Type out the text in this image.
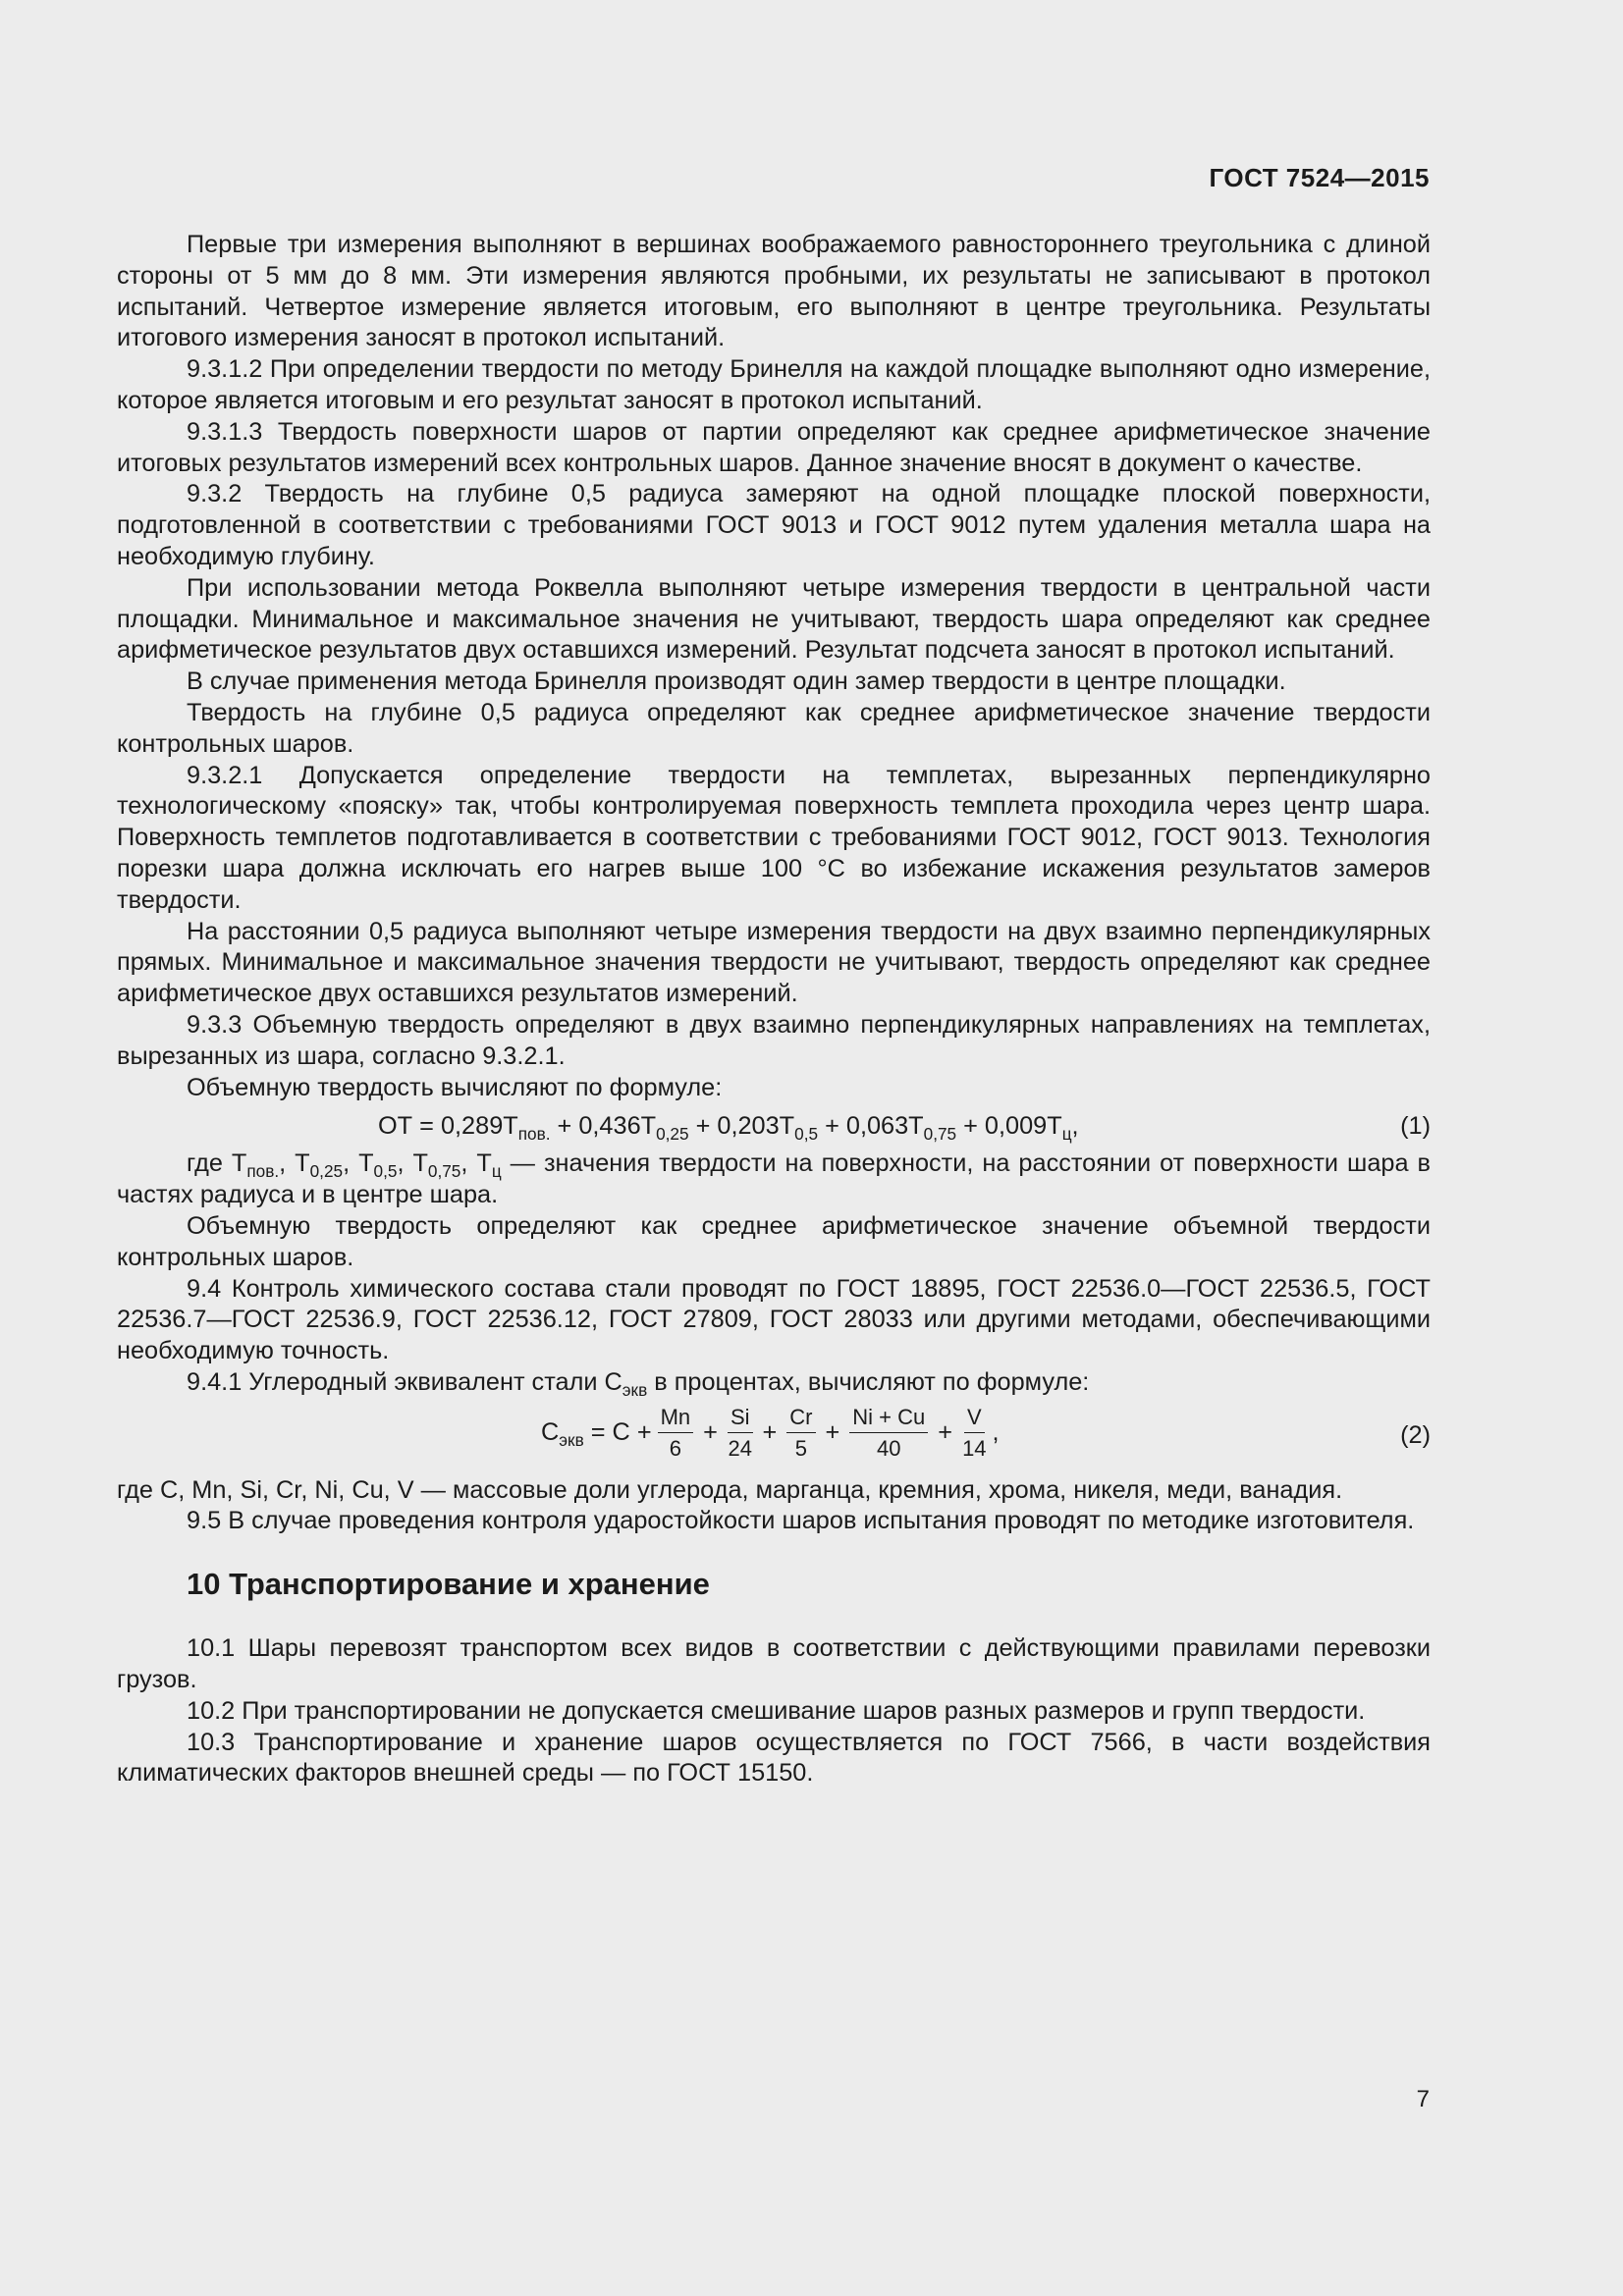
ГОСТ 7524—2015

Первые три измерения выполняют в вершинах воображаемого равностороннего треугольника с длиной стороны от 5 мм до 8 мм. Эти измерения являются пробными, их результаты не записывают в протокол испытаний. Четвертое измерение является итоговым, его выполняют в центре треугольника. Результаты итогового измерения заносят в протокол испытаний.

9.3.1.2 При определении твердости по методу Бринелля на каждой площадке выполняют одно измерение, которое является итоговым и его результат заносят в протокол испытаний.

9.3.1.3 Твердость поверхности шаров от партии определяют как среднее арифметическое значение итоговых результатов измерений всех контрольных шаров. Данное значение вносят в документ о качестве.

9.3.2 Твердость на глубине 0,5 радиуса замеряют на одной площадке плоской поверхности, подготовленной в соответствии с требованиями ГОСТ 9013 и ГОСТ 9012 путем удаления металла шара на необходимую глубину.

При использовании метода Роквелла выполняют четыре измерения твердости в центральной части площадки. Минимальное и максимальное значения не учитывают, твердость шара определяют как среднее арифметическое результатов двух оставшихся измерений. Результат подсчета заносят в протокол испытаний.

В случае применения метода Бринелля производят один замер твердости в центре площадки.

Твердость на глубине 0,5 радиуса определяют как среднее арифметическое значение твердости контрольных шаров.

9.3.2.1 Допускается определение твердости на темплетах, вырезанных перпендикулярно технологическому «пояску» так, чтобы контролируемая поверхность темплета проходила через центр шара. Поверхность темплетов подготавливается в соответствии с требованиями ГОСТ 9012, ГОСТ 9013. Технология порезки шара должна исключать его нагрев выше 100 °С во избежание искажения результатов замеров твердости.

На расстоянии 0,5 радиуса выполняют четыре измерения твердости на двух взаимно перпендикулярных прямых. Минимальное и максимальное значения твердости не учитывают, твердость определяют как среднее арифметическое двух оставшихся результатов измерений.

9.3.3 Объемную твердость определяют в двух взаимно перпендикулярных направлениях на темплетах, вырезанных из шара, согласно 9.3.2.1.

Объемную твердость вычисляют по формуле:

ОТ = $0,289Т_{пов.} + 0,436Т_{0,25} + 0,203Т_{0,5} + 0,063Т_{0,75} + 0,009Т_ц$,	(1)

где $Т_{пов.}$, $Т_{0,25}$, $Т_{0,5}$, $Т_{0,75}$, $Т_ц$ — значения твердости на поверхности, на расстоянии от поверхности шара в частях радиуса и в центре шара.

Объемную твердость определяют как среднее арифметическое значение объемной твердости контрольных шаров.

9.4 Контроль химического состава стали проводят по ГОСТ 18895, ГОСТ 22536.0—ГОСТ 22536.5, ГОСТ 22536.7—ГОСТ 22536.9, ГОСТ 22536.12, ГОСТ 27809, ГОСТ 28033 или другими методами, обеспечивающими необходимую точность.

9.4.1 Углеродный эквивалент стали $С_{экв}$ в процентах, вычисляют по формуле:

$С_{экв} = С + \frac{Mn}{6} + \frac{Si}{24} + \frac{Cr}{5} + \frac{Ni + Cu}{40} + \frac{V}{14}$ ,	(2)

где С, Mn, Si, Cr, Ni, Cu, V — массовые доли углерода, марганца, кремния, хрома, никеля, меди, ванадия.

9.5 В случае проведения контроля ударостойкости шаров испытания проводят по методике изготовителя.

10 Транспортирование и хранение

10.1 Шары перевозят транспортом всех видов в соответствии с действующими правилами перевозки грузов.

10.2 При транспортировании не допускается смешивание шаров разных размеров и групп твердости.

10.3 Транспортирование и хранение шаров осуществляется по ГОСТ 7566, в части воздействия климатических факторов внешней среды — по ГОСТ 15150.

7
